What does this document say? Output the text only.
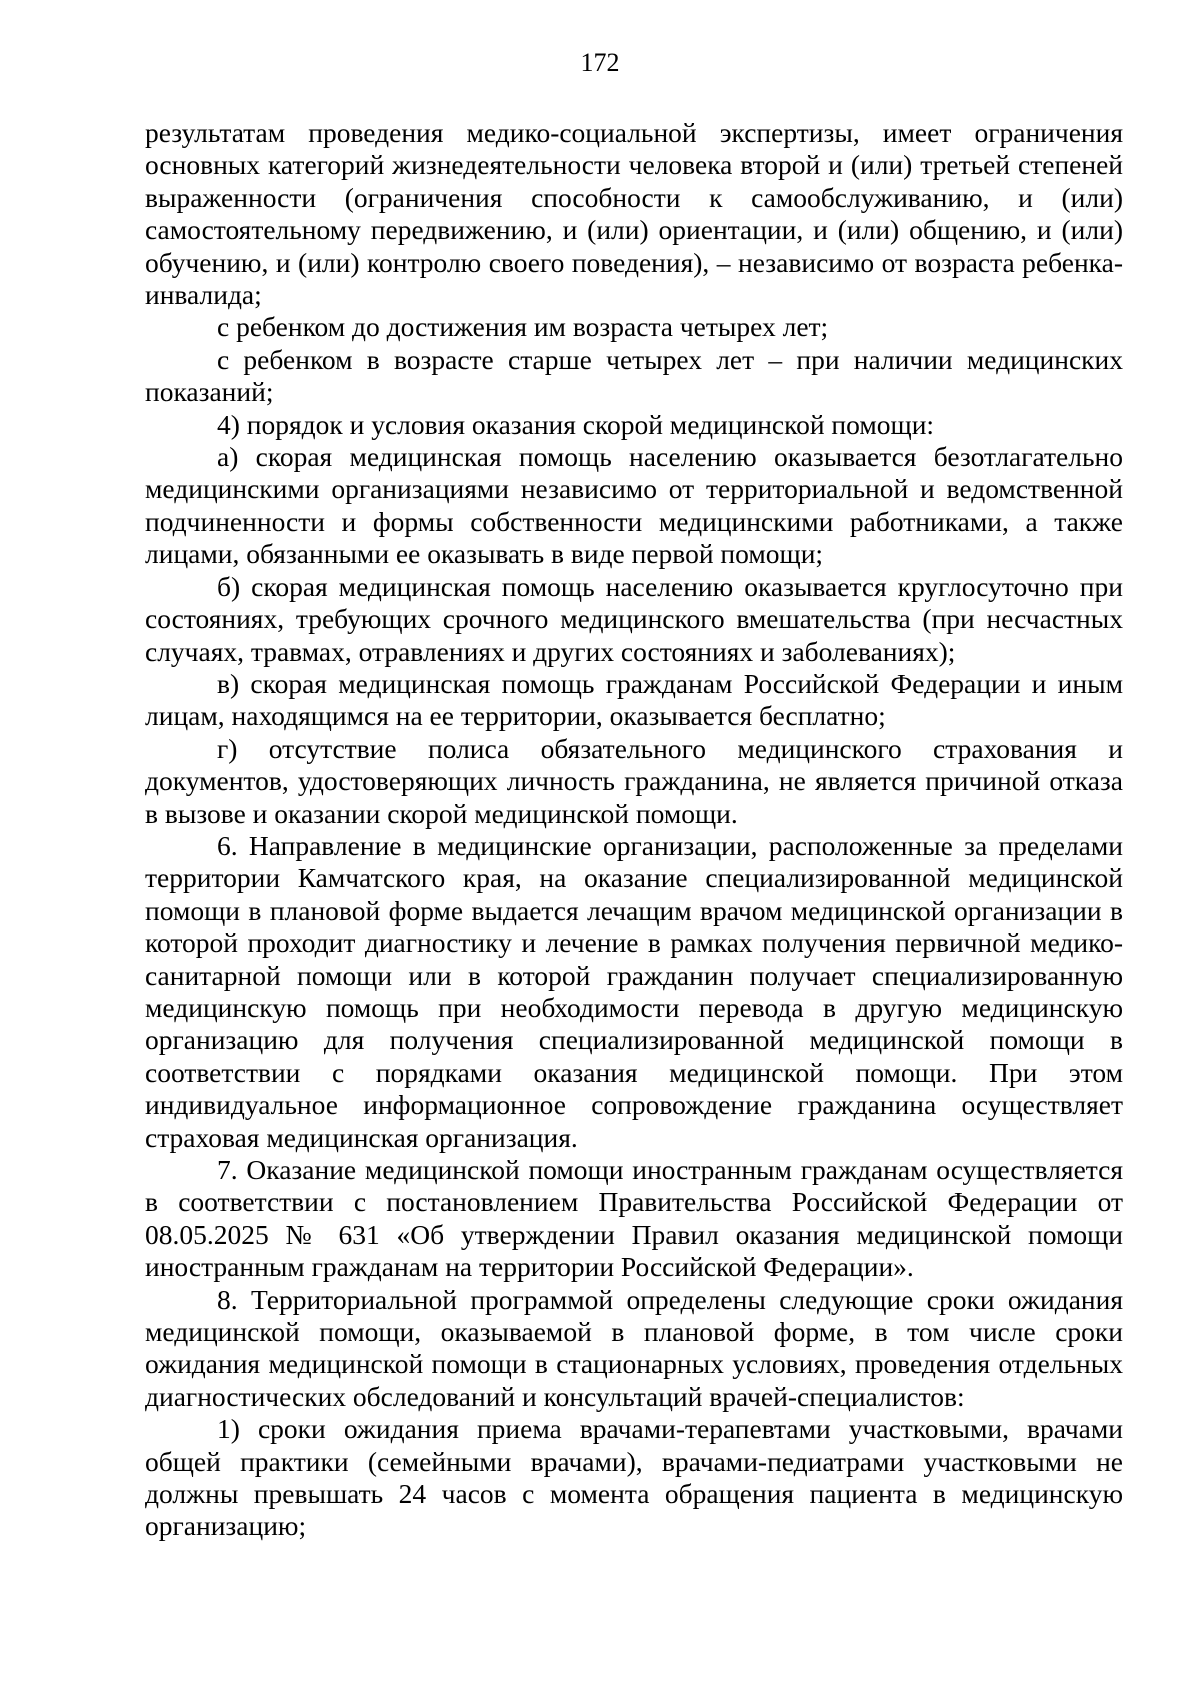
172

результатам проведения медико-социальной экспертизы, имеет ограничения основных категорий жизнедеятельности человека второй и (или) третьей степеней выраженности (ограничения способности к самообслуживанию, и (или) самостоятельному передвижению, и (или) ориентации, и (или) общению, и (или) обучению, и (или) контролю своего поведения), – независимо от возраста ребенка-инвалида;

с ребенком до достижения им возраста четырех лет;

с ребенком в возрасте старше четырех лет – при наличии медицинских показаний;

4) порядок и условия оказания скорой медицинской помощи:

а) скорая медицинская помощь населению оказывается безотлагательно медицинскими организациями независимо от территориальной и ведомственной подчиненности и формы собственности медицинскими работниками, а также лицами, обязанными ее оказывать в виде первой помощи;

б) скорая медицинская помощь населению оказывается круглосуточно при состояниях, требующих срочного медицинского вмешательства (при несчастных случаях, травмах, отравлениях и других состояниях и заболеваниях);

в) скорая медицинская помощь гражданам Российской Федерации и иным лицам, находящимся на ее территории, оказывается бесплатно;

г) отсутствие полиса обязательного медицинского страхования и документов, удостоверяющих личность гражданина, не является причиной отказа в вызове и оказании скорой медицинской помощи.

6. Направление в медицинские организации, расположенные за пределами территории Камчатского края, на оказание специализированной медицинской помощи в плановой форме выдается лечащим врачом медицинской организации в которой проходит диагностику и лечение в рамках получения первичной медико-санитарной помощи или в которой гражданин получает специализированную медицинскую помощь при необходимости перевода в другую медицинскую организацию для получения специализированной медицинской помощи в соответствии с порядками оказания медицинской помощи. При этом индивидуальное информационное сопровождение гражданина осуществляет страховая медицинская организация.

7. Оказание медицинской помощи иностранным гражданам осуществляется в соответствии с постановлением Правительства Российской Федерации от 08.05.2025 № 631 «Об утверждении Правил оказания медицинской помощи иностранным гражданам на территории Российской Федерации».

8. Территориальной программой определены следующие сроки ожидания медицинской помощи, оказываемой в плановой форме, в том числе сроки ожидания медицинской помощи в стационарных условиях, проведения отдельных диагностических обследований и консультаций врачей-специалистов:

1) сроки ожидания приема врачами-терапевтами участковыми, врачами общей практики (семейными врачами), врачами-педиатрами участковыми не должны превышать 24 часов с момента обращения пациента в медицинскую организацию;
